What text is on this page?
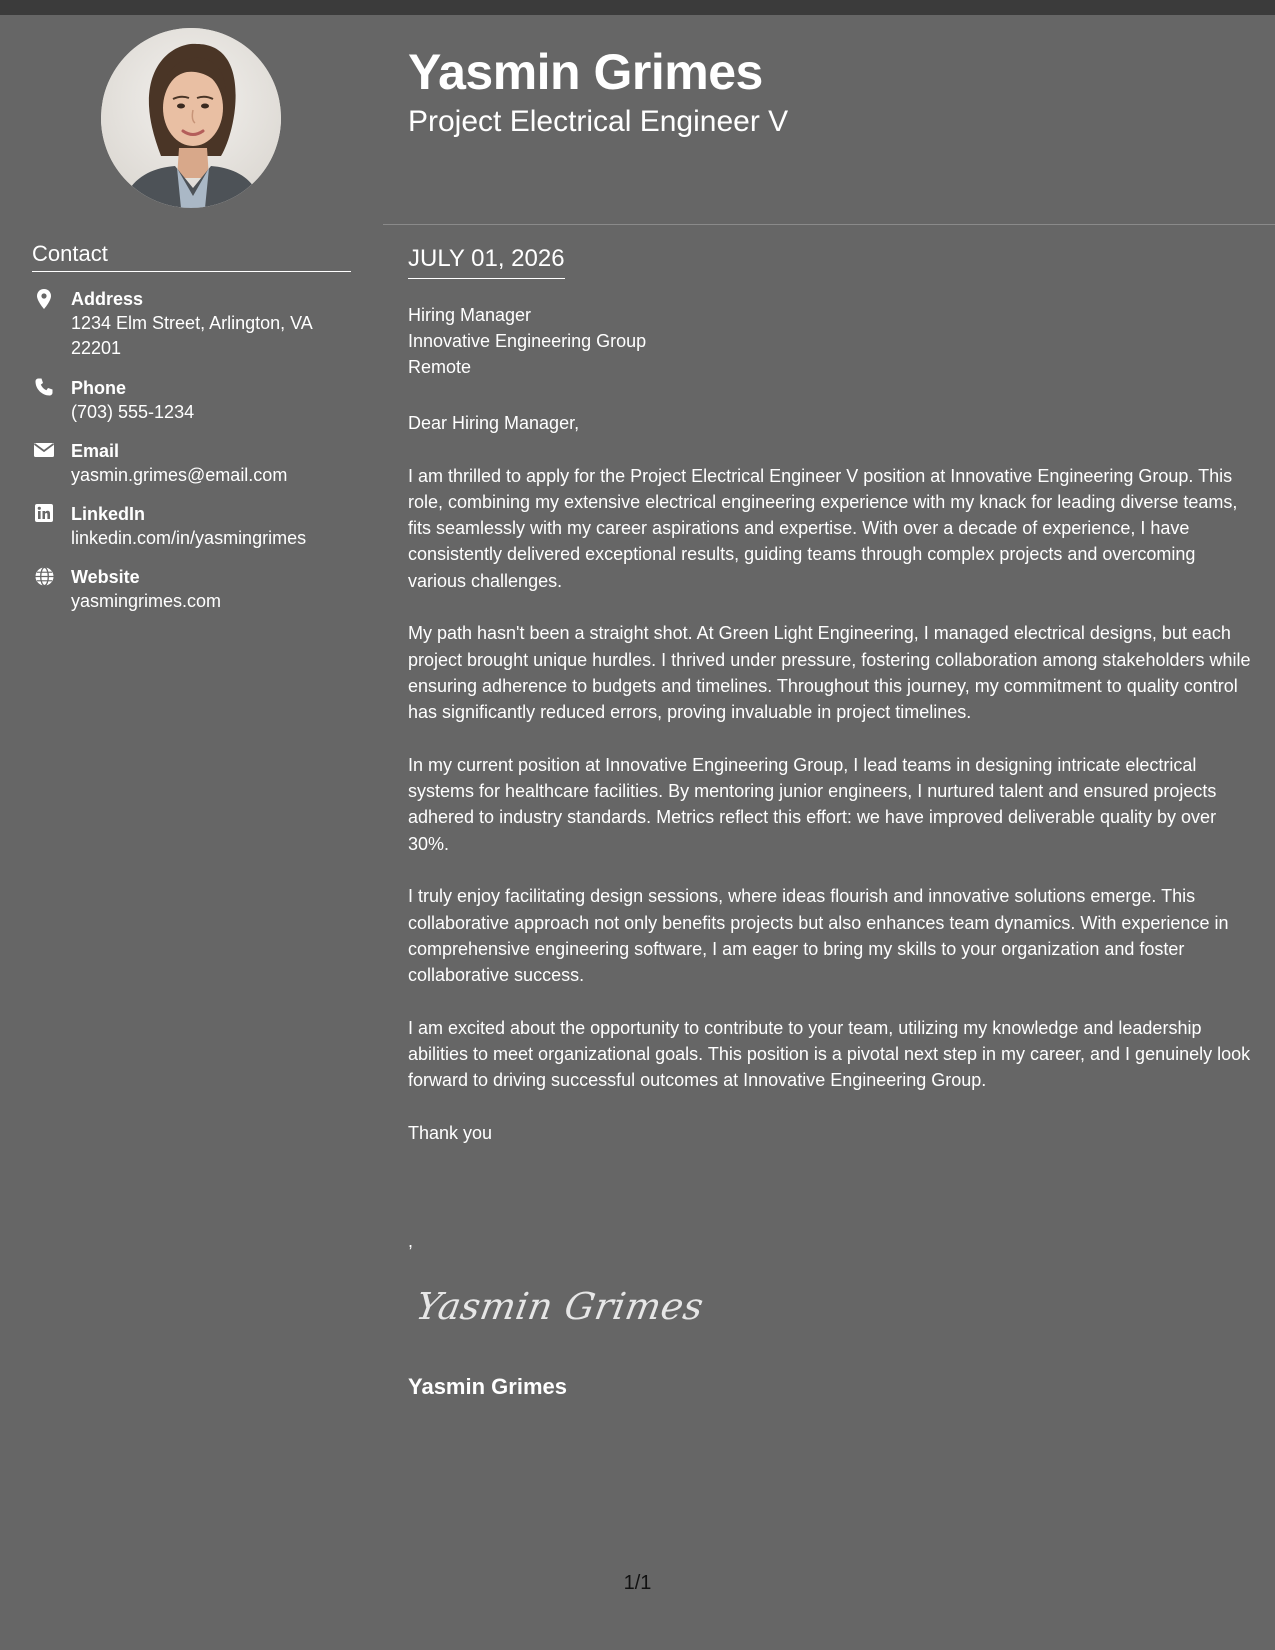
Contact
Address
1234 Elm Street, Arlington, VA 22201
Phone
(703) 555-1234
Email
yasmin.grimes@email.com
LinkedIn
linkedin.com/in/yasmingrimes
Website
yasmingrimes.com
Yasmin Grimes
Project Electrical Engineer V
JULY 01, 2026
Hiring Manager
Innovative Engineering Group
Remote

Dear Hiring Manager,

I am thrilled to apply for the Project Electrical Engineer V position at Innovative Engineering Group. This role, combining my extensive electrical engineering experience with my knack for leading diverse teams, fits seamlessly with my career aspirations and expertise. With over a decade of experience, I have consistently delivered exceptional results, guiding teams through complex projects and overcoming various challenges.

My path hasn't been a straight shot. At Green Light Engineering, I managed electrical designs, but each project brought unique hurdles. I thrived under pressure, fostering collaboration among stakeholders while ensuring adherence to budgets and timelines. Throughout this journey, my commitment to quality control has significantly reduced errors, proving invaluable in project timelines.

In my current position at Innovative Engineering Group, I lead teams in designing intricate electrical systems for healthcare facilities. By mentoring junior engineers, I nurtured talent and ensured projects adhered to industry standards. Metrics reflect this effort: we have improved deliverable quality by over 30%.

I truly enjoy facilitating design sessions, where ideas flourish and innovative solutions emerge. This collaborative approach not only benefits projects but also enhances team dynamics. With experience in comprehensive engineering software, I am eager to bring my skills to your organization and foster collaborative success.

I am excited about the opportunity to contribute to your team, utilizing my knowledge and leadership abilities to meet organizational goals. This position is a pivotal next step in my career, and I genuinely look forward to driving successful outcomes at Innovative Engineering Group.

Thank you

,
Yasmin Grimes
Yasmin Grimes
1/1
